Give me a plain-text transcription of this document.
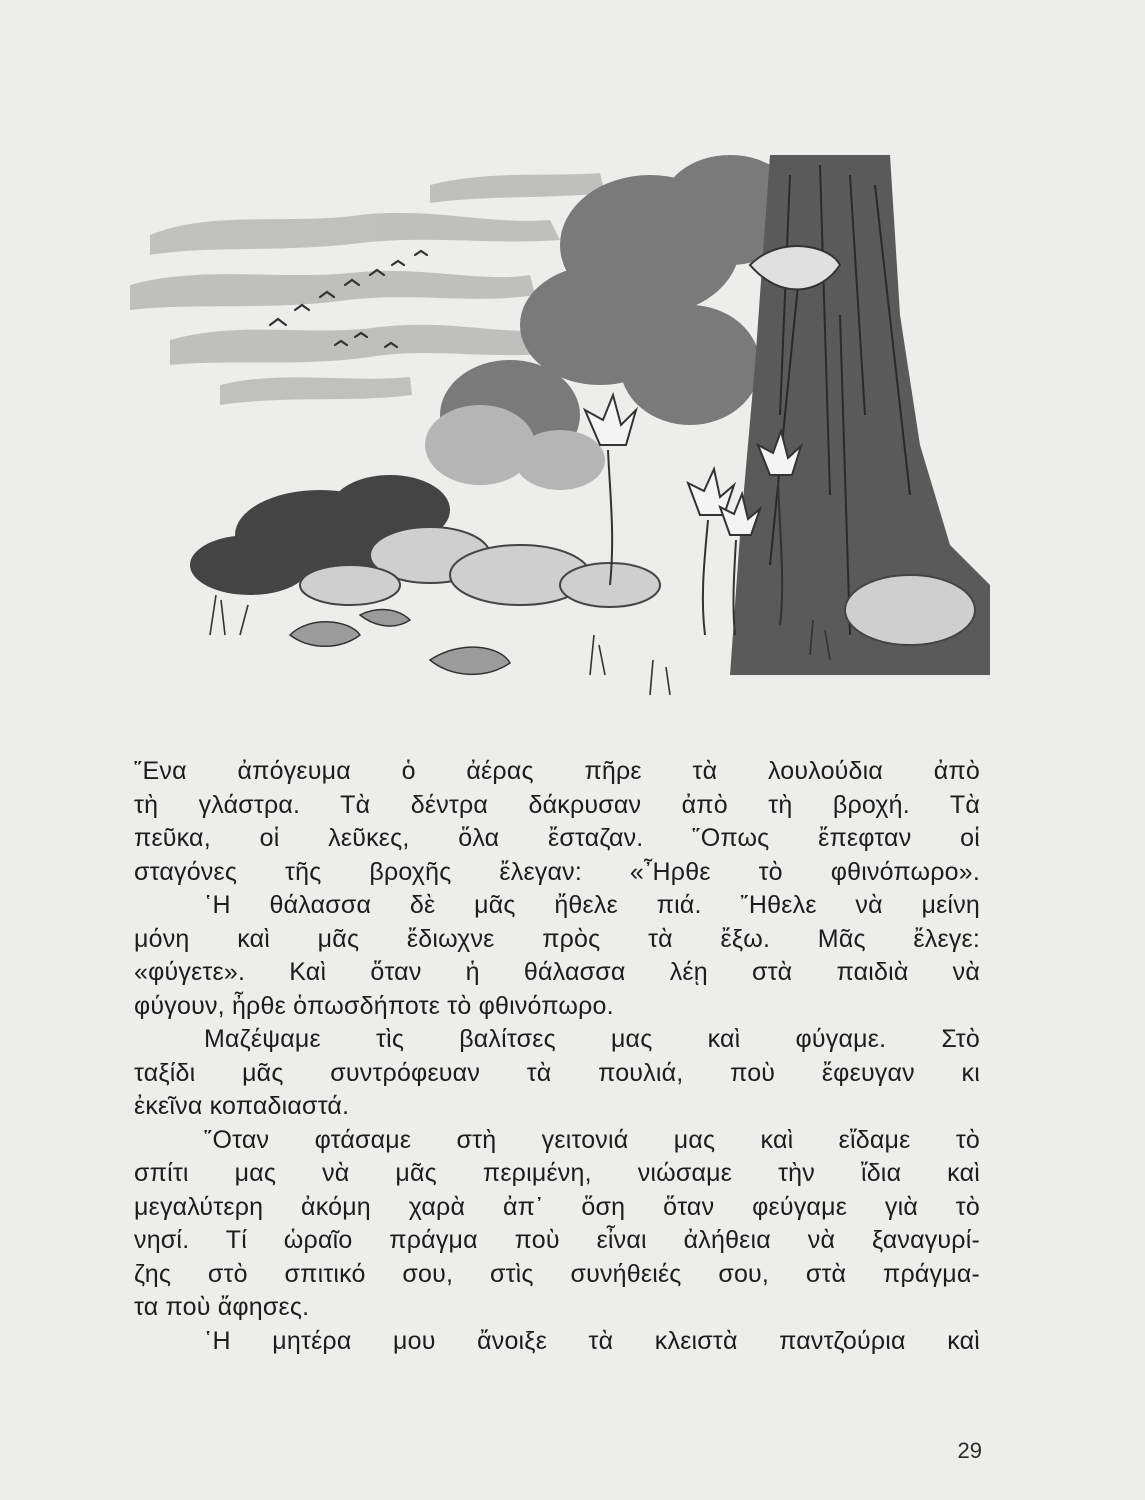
῞Ενα ἀπόγευμα ὁ ἀέρας πῆρε τὰ λουλούδια ἀπὸ
τὴ γλάστρα. Τὰ δέντρα δάκρυσαν ἀπὸ τὴ βροχή. Τὰ
πεῦκα, οἱ λεῦκες, ὅλα ἔσταζαν. ῞Οπως ἔπεφταν οἱ
σταγόνες τῆς βροχῆς ἔλεγαν: «῏Ηρθε τὸ φθινόπωρο».
῾Η θάλασσα δὲ μᾶς ἤθελε πιά. ῎Ηθελε νὰ μείνη
μόνη καὶ μᾶς ἔδιωχνε πρὸς τὰ ἔξω. Μᾶς ἔλεγε:
«φύγετε». Καὶ ὅταν ἡ θάλασσα λέῃ στὰ παιδιὰ νὰ
φύγουν, ἦρθε ὁπωσδήποτε τὸ φθινόπωρο.
Μαζέψαμε τὶς βαλίτσες μας καὶ φύγαμε. Στὸ
ταξίδι μᾶς συντρόφευαν τὰ πουλιά, ποὺ ἔφευγαν κι
ἐκεῖνα κοπαδιαστά.
῞Οταν φτάσαμε στὴ γειτονιά μας καὶ εἴδαμε τὸ
σπίτι μας νὰ μᾶς περιμένη, νιώσαμε τὴν ἴδια καὶ
μεγαλύτερη ἀκόμη χαρὰ ἀπ᾽ ὅση ὅταν φεύγαμε γιὰ τὸ
νησί. Τί ὡραῖο πράγμα ποὺ εἶναι ἀλήθεια νὰ ξαναγυρί-
ζης στὸ σπιτικό σου, στὶς συνήθειές σου, στὰ πράγμα-
τα ποὺ ἄφησες.
῾Η μητέρα μου ἄνοιξε τὰ κλειστὰ παντζούρια καὶ
29
